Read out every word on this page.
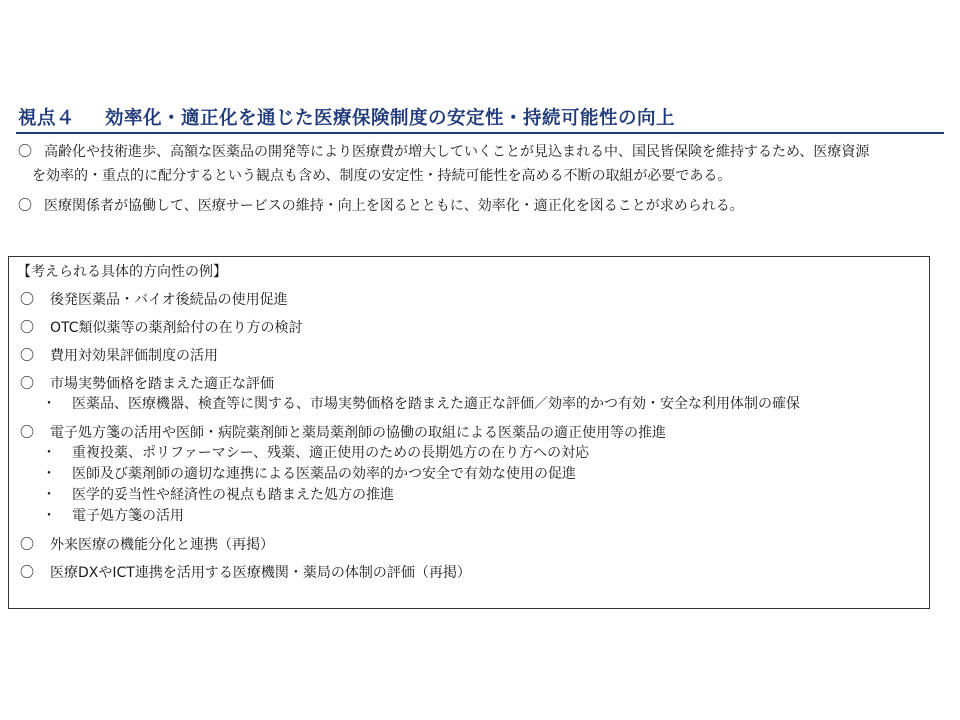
視点４ 効率化・適正化を通じた医療保険制度の安定性・持続可能性の向上
〇 高齢化や技術進歩、高額な医薬品の開発等により医療費が増大していくことが見込まれる中、国民皆保険を維持するため、医療資源
を効率的・重点的に配分するという観点も含め、制度の安定性・持続可能性を高める不断の取組が必要である。
〇 医療関係者が協働して、医療サービスの維持・向上を図るとともに、効率化・適正化を図ることが求められる。
【考えられる具体的方向性の例】
〇	後発医薬品・バイオ後続品の使用促進
〇	OTC類似薬等の薬剤給付の在り方の検討
〇	費用対効果評価制度の活用
〇	市場実勢価格を踏まえた適正な評価
・	医薬品、医療機器、検査等に関する、市場実勢価格を踏まえた適正な評価／効率的かつ有効・安全な利用体制の確保
〇	電子処方箋の活用や医師・病院薬剤師と薬局薬剤師の協働の取組による医薬品の適正使用等の推進
・	重複投薬、ポリファーマシー、残薬、適正使用のための長期処方の在り方への対応
・	医師及び薬剤師の適切な連携による医薬品の効率的かつ安全で有効な使用の促進
・	医学的妥当性や経済性の視点も踏まえた処方の推進
・	電子処方箋の活用
〇	外来医療の機能分化と連携（再掲）
〇	医療DXやICT連携を活用する医療機関・薬局の体制の評価（再掲）
